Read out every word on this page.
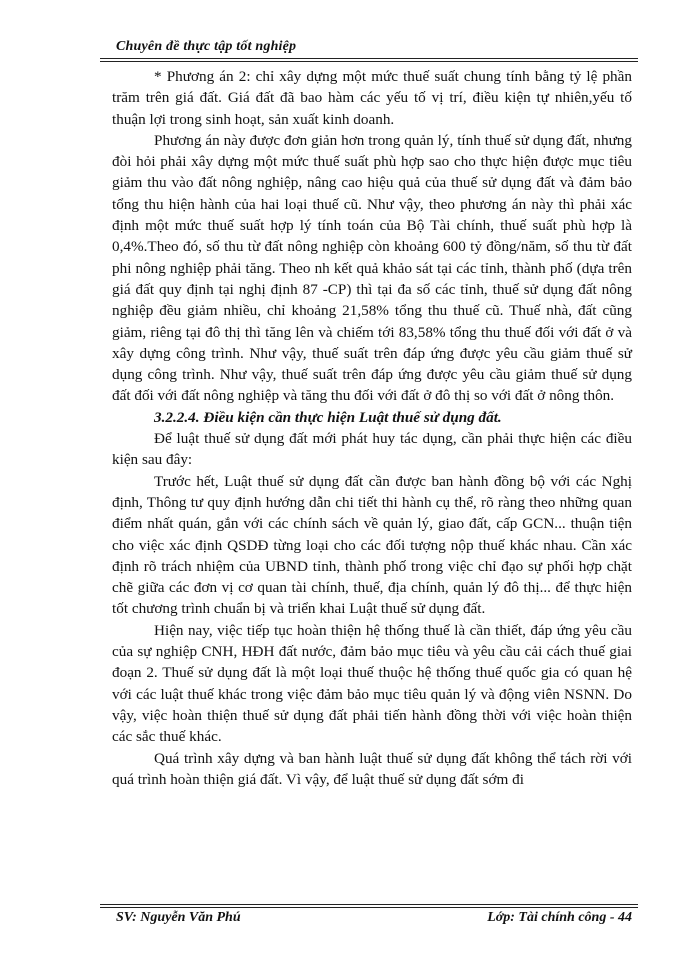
Chuyên đề thực tập tốt nghiệp

* Phương án 2: chỉ xây dựng một mức thuế suất chung tính bằng tỷ lệ phần trăm trên giá đất. Giá đất đã bao hàm các yếu tố vị trí, điều kiện tự nhiên,yếu tố thuận lợi trong sinh hoạt, sản xuất kinh doanh.

Phương án này được đơn giản hơn trong quản lý, tính thuế sử dụng đất, nhưng đòi hỏi phải xây dựng một mức thuế suất phù hợp sao cho thực hiện được mục tiêu giảm thu vào đất nông nghiệp, nâng cao hiệu quả của thuế sử dụng đất và đảm bảo tổng thu hiện hành của hai loại thuế cũ. Như vậy, theo phương án này thì phải xác định một mức thuế suất hợp lý tính toán của Bộ Tài chính, thuế suất phù hợp là 0,4%.Theo đó, số thu từ đất nông nghiệp còn khoảng 600 tỷ đồng/năm, số thu từ đất phi nông nghiệp phải tăng. Theo nh kết quả khảo sát tại các tỉnh, thành phố (dựa trên giá đất quy định tại nghị định 87 -CP) thì tại đa số các tỉnh, thuế sử dụng đất nông nghiệp đều giảm nhiều, chỉ khoảng 21,58% tổng thu thuế cũ. Thuế nhà, đất cũng giảm, riêng tại đô thị thì tăng lên và chiếm tới 83,58% tổng thu thuế đối với đất ở và xây dựng công trình. Như vậy, thuế suất trên đáp ứng được yêu cầu giảm thuế sử dụng công trình. Như vậy, thuế suất trên đáp ứng được yêu cầu giảm thuế sử dụng đất đối với đất nông nghiệp và tăng thu đối với đất ở đô thị so với đất ở nông thôn.

3.2.2.4. Điều kiện cần thực hiện Luật thuế sử dụng đất.

Để luật thuế sử dụng đất mới phát huy tác dụng, cần phải thực hiện các điều kiện sau đây:

Trước hết, Luật thuế sử dụng đất cần được ban hành đồng bộ với các Nghị định, Thông tư quy định hướng dẫn chi tiết thi hành cụ thể, rõ ràng theo những quan điểm nhất quán, gắn với các chính sách về quản lý, giao đất, cấp GCN... thuận tiện cho việc xác định QSDĐ từng loại cho các đối tượng nộp thuế khác nhau. Cần xác định rõ trách nhiệm của UBND tỉnh, thành phố trong việc chỉ đạo sự phối hợp chặt chẽ giữa các đơn vị cơ quan tài chính, thuế, địa chính, quản lý đô thị... để thực hiện tốt chương trình chuẩn bị và triển khai Luật thuế sử dụng đất.

Hiện nay, việc tiếp tục hoàn thiện hệ thống thuế là cần thiết, đáp ứng yêu cầu của sự nghiệp CNH, HĐH đất nước, đảm bảo mục tiêu và yêu cầu cải cách thuế giai đoạn 2. Thuế sử dụng đất là một loại thuế thuộc hệ thống thuế quốc gia có quan hệ với các luật thuế khác trong việc đảm bảo mục tiêu quản lý và động viên NSNN. Do vậy, việc hoàn thiện thuế sử dụng đất phải tiến hành đồng thời với việc hoàn thiện các sắc thuế khác.

Quá trình xây dựng và ban hành luật thuế sử dụng đất không thể tách rời với quá trình hoàn thiện giá đất. Vì vậy, để luật thuế sử dụng đất sớm đi

SV: Nguyễn Văn Phú	Lớp: Tài chính công - 44
